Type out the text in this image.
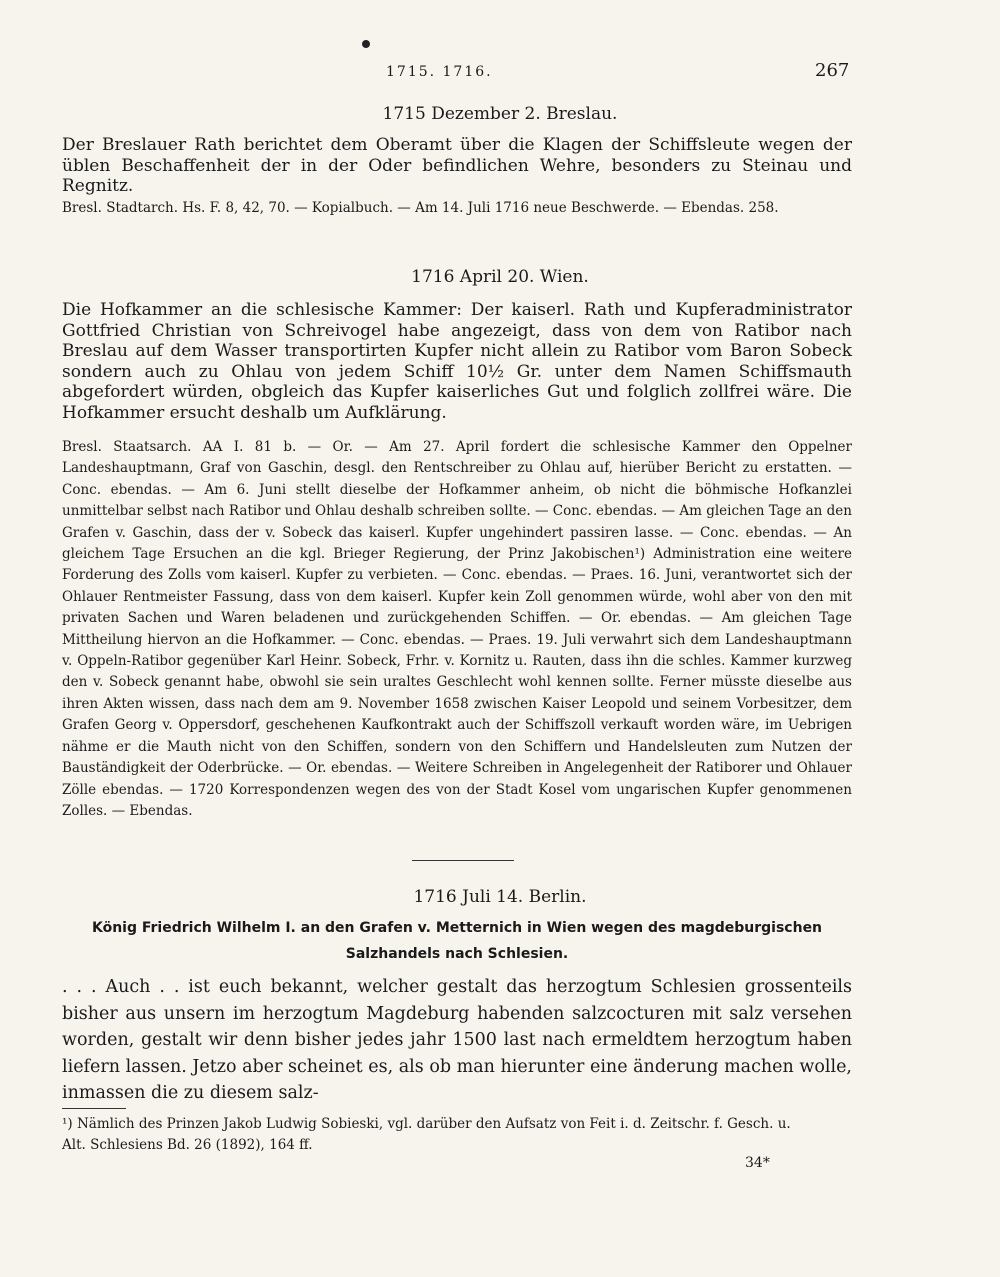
1715. 1716.	267
1715 Dezember 2. Breslau.
Der Breslauer Rath berichtet dem Oberamt über die Klagen der Schiffsleute wegen der üblen Beschaffenheit der in der Oder befindlichen Wehre, besonders zu Steinau und Regnitz.
Bresl. Stadtarch. Hs. F. 8, 42, 70. — Kopialbuch. — Am 14. Juli 1716 neue Beschwerde. — Ebendas. 258.
1716 April 20. Wien.
Die Hofkammer an die schlesische Kammer: Der kaiserl. Rath und Kupferadministrator Gottfried Christian von Schreivogel habe angezeigt, dass von dem von Ratibor nach Breslau auf dem Wasser transportirten Kupfer nicht allein zu Ratibor vom Baron Sobeck sondern auch zu Ohlau von jedem Schiff 10½ Gr. unter dem Namen Schiffsmauth abgefordert würden, obgleich das Kupfer kaiserliches Gut und folglich zollfrei wäre. Die Hofkammer ersucht deshalb um Aufklärung.
Bresl. Staatsarch. AA I. 81 b. — Or. — Am 27. April fordert die schlesische Kammer den Oppelner Landeshauptmann, Graf von Gaschin, desgl. den Rentschreiber zu Ohlau auf, hierüber Bericht zu erstatten. — Conc. ebendas. — Am 6. Juni stellt dieselbe der Hofkammer anheim, ob nicht die böhmische Hofkanzlei unmittelbar selbst nach Ratibor und Ohlau deshalb schreiben sollte. — Conc. ebendas. — Am gleichen Tage an den Grafen v. Gaschin, dass der v. Sobeck das kaiserl. Kupfer ungehindert passiren lasse. — Conc. ebendas. — An gleichem Tage Ersuchen an die kgl. Brieger Regierung, der Prinz Jakobischen¹) Administration eine weitere Forderung des Zolls vom kaiserl. Kupfer zu verbieten. — Conc. ebendas. — Praes. 16. Juni, verantwortet sich der Ohlauer Rentmeister Fassung, dass von dem kaiserl. Kupfer kein Zoll genommen würde, wohl aber von den mit privaten Sachen und Waren beladenen und zurückgehenden Schiffen. — Or. ebendas. — Am gleichen Tage Mittheilung hiervon an die Hofkammer. — Conc. ebendas. — Praes. 19. Juli verwahrt sich dem Landeshauptmann v. Oppeln-Ratibor gegenüber Karl Heinr. Sobeck, Frhr. v. Kornitz u. Rauten, dass ihn die schles. Kammer kurzweg den v. Sobeck genannt habe, obwohl sie sein uraltes Geschlecht wohl kennen sollte. Ferner müsste dieselbe aus ihren Akten wissen, dass nach dem am 9. November 1658 zwischen Kaiser Leopold und seinem Vorbesitzer, dem Grafen Georg v. Oppersdorf, geschehenen Kaufkontrakt auch der Schiffszoll verkauft worden wäre, im Uebrigen nähme er die Mauth nicht von den Schiffen, sondern von den Schiffern und Handelsleuten zum Nutzen der Bauständigkeit der Oderbrücke. — Or. ebendas. — Weitere Schreiben in Angelegenheit der Ratiborer und Ohlauer Zölle ebendas. — 1720 Korrespondenzen wegen des von der Stadt Kosel vom ungarischen Kupfer genommenen Zolles. — Ebendas.
1716 Juli 14. Berlin.
König Friedrich Wilhelm I. an den Grafen v. Metternich in Wien wegen des magdeburgischen
Salzhandels nach Schlesien.
. . . Auch . . ist euch bekannt, welcher gestalt das herzogtum Schlesien grossenteils bisher aus unsern im herzogtum Magdeburg habenden salzcocturen mit salz versehen worden, gestalt wir denn bisher jedes jahr 1500 last nach ermeldtem herzogtum haben liefern lassen. Jetzo aber scheinet es, als ob man hierunter eine änderung machen wolle, inmassen die zu diesem salz-
¹) Nämlich des Prinzen Jakob Ludwig Sobieski, vgl. darüber den Aufsatz von Feit i. d. Zeitschr. f. Gesch. u.
Alt. Schlesiens Bd. 26 (1892), 164 ff.
34*
